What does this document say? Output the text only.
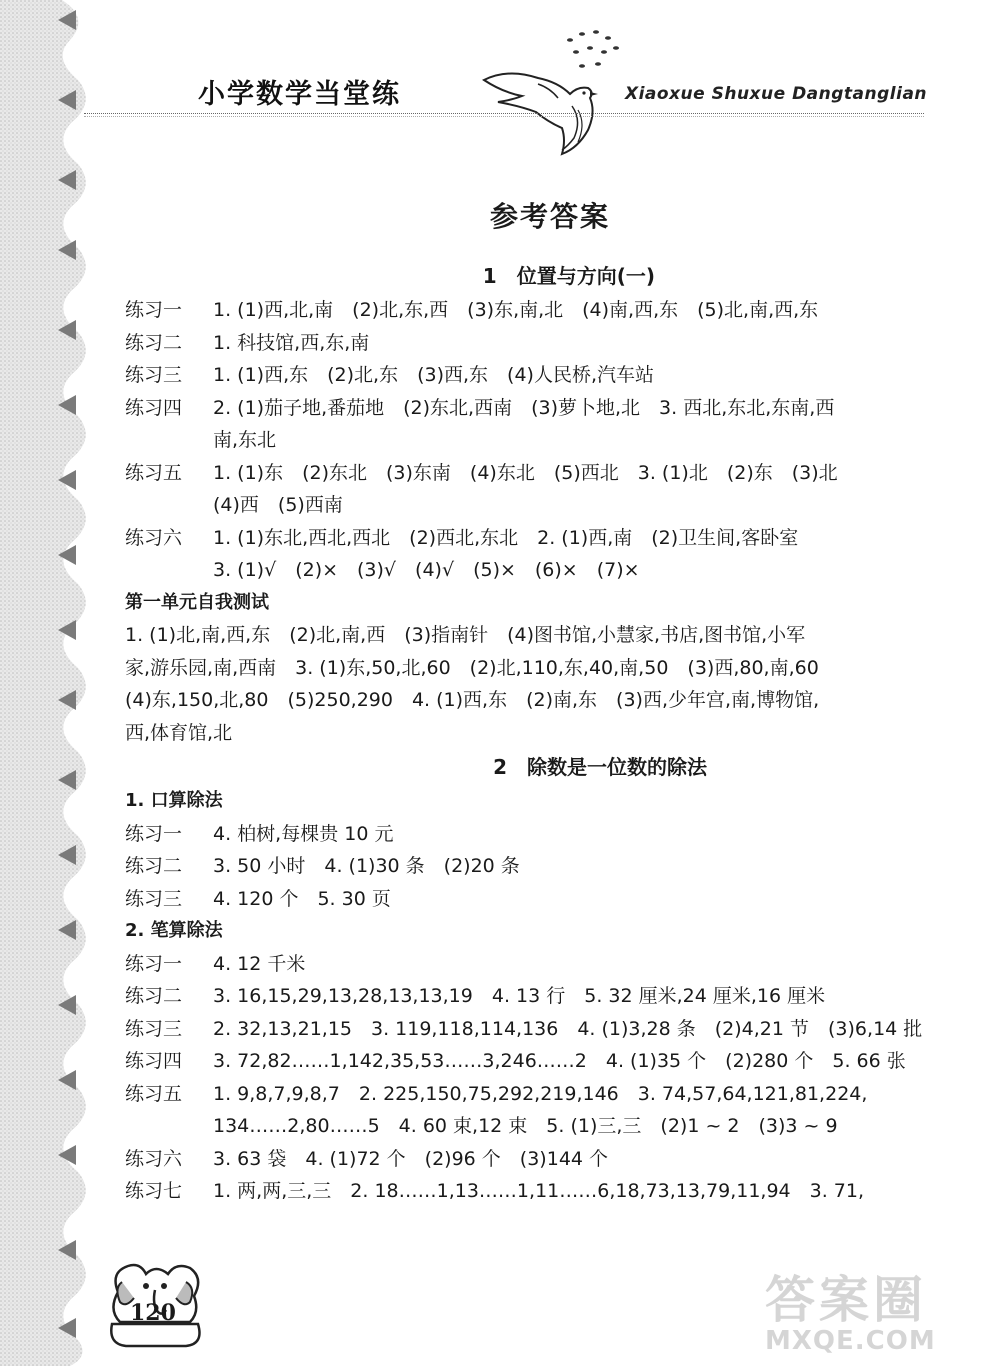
小学数学当堂练	Xiaoxue Shuxue Dangtanglian
参考答案
1　位置与方向(一)
练习一	1. (1)西,北,南　(2)北,东,西　(3)东,南,北　(4)南,西,东　(5)北,南,西,东
练习二	1. 科技馆,西,东,南
练习三	1. (1)西,东　(2)北,东　(3)西,东　(4)人民桥,汽车站
练习四	2. (1)茄子地,番茄地　(2)东北,西南　(3)萝卜地,北　3. 西北,东北,东南,西
南,东北
练习五	1. (1)东　(2)东北　(3)东南　(4)东北　(5)西北　3. (1)北　(2)东　(3)北
(4)西　(5)西南
练习六	1. (1)东北,西北,西北　(2)西北,东北　2. (1)西,南　(2)卫生间,客卧室
3. (1)√　(2)×　(3)√　(4)√　(5)×　(6)×　(7)×
第一单元自我测试
1. (1)北,南,西,东　(2)北,南,西　(3)指南针　(4)图书馆,小慧家,书店,图书馆,小军
家,游乐园,南,西南　3. (1)东,50,北,60　(2)北,110,东,40,南,50　(3)西,80,南,60
(4)东,150,北,80　(5)250,290　4. (1)西,东　(2)南,东　(3)西,少年宫,南,博物馆,
西,体育馆,北
2　除数是一位数的除法
1. 口算除法
练习一	4. 柏树,每棵贵 10 元
练习二	3. 50 小时　4. (1)30 条　(2)20 条
练习三	4. 120 个　5. 30 页
2. 笔算除法
练习一	4. 12 千米
练习二	3. 16,15,29,13,28,13,13,19　4. 13 行　5. 32 厘米,24 厘米,16 厘米
练习三	2. 32,13,21,15　3. 119,118,114,136　4. (1)3,28 条　(2)4,21 节　(3)6,14 批
练习四	3. 72,82……1,142,35,53……3,246……2　4. (1)35 个　(2)280 个　5. 66 张
练习五	1. 9,8,7,9,8,7　2. 225,150,75,292,219,146　3. 74,57,64,121,81,224,
134……2,80……5　4. 60 束,12 束　5. (1)三,三　(2)1 ~ 2　(3)3 ~ 9
练习六	3. 63 袋　4. (1)72 个　(2)96 个　(3)144 个
练习七	1. 两,两,三,三　2. 18……1,13……1,11……6,18,73,13,79,11,94　3. 71,
120	答案圈
MXQE.COM
